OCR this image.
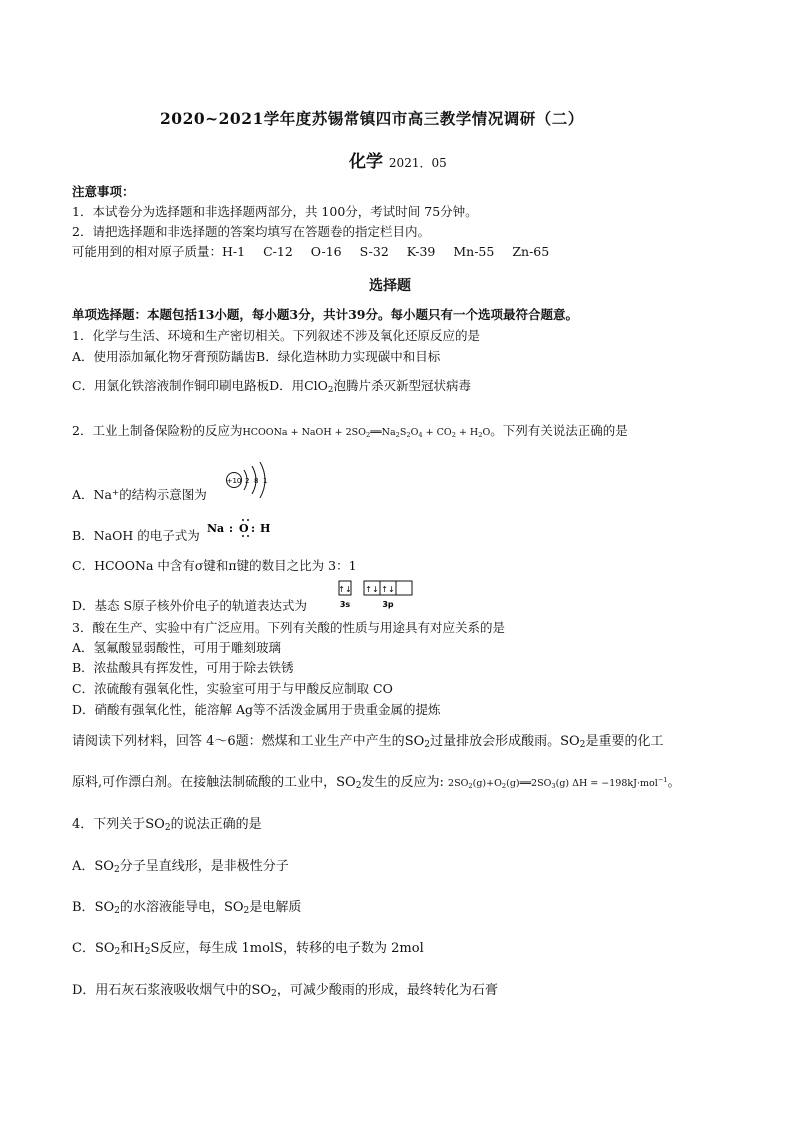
2020~2021学年度苏锡常镇四市高三教学情况调研（二）
化学 2021．05
注意事项：
1．本试卷分为选择题和非选择题两部分，共 100分，考试时间 75分钟。
2．请把选择题和非选择题的答案均填写在答题卷的指定栏目内。
可能用到的相对原子质量：H-1 C-12 O-16 S-32 K-39 Mn-55 Zn-65
选择题
单项选择题：本题包括13小题，每小题3分，共计39分。每小题只有一个选项最符合题意。
1．化学与生活、环境和生产密切相关。下列叙述不涉及氧化还原反应的是
A．使用添加氟化物牙膏预防龋齿B．绿化造林助力实现碳中和目标
C．用氯化铁溶液制作铜印刷电路板D．用ClO$_2$泡腾片杀灭新型冠状病毒
2．工业上制备保险粉的反应为HCOONa + NaOH + $2SO_2══Na_2S_2O_4 + CO_2 + H_2O$。下列有关说法正确的是
A．Na+的结构示意图为
+10 2 8 1
B．NaOH 的电子式为 Na : O : H
C．HCOONa 中含有σ键和π键的数目之比为 3：1
D．基态 S原子核外价电子的轨道表达式为
↑↓ ↑↓ ↑↓
3s	3p
3．酸在生产、实验中有广泛应用。下列有关酸的性质与用途具有对应关系的是
A．氢氟酸显弱酸性，可用于雕刻玻璃
B．浓盐酸具有挥发性，可用于除去铁锈
C．浓硫酸有强氧化性，实验室可用于与甲酸反应制取 CO
D．硝酸有强氧化性，能溶解 Ag等不活泼金属用于贵重金属的提炼
请阅读下列材料，回答 4～6题：燃煤和工业生产中产生的$SO_2$过量排放会形成酸雨。$SO_2$是重要的化工
原料,可作漂白剂。在接触法制硫酸的工业中，$SO_2$发生的反应为: $2SO_2(g)+O_2(g)══2SO_3(g) \Delta H = -198kJ\cdot mol^{-1}$。
4．下列关于$SO_2$的说法正确的是
A．$SO_2$分子呈直线形，是非极性分子
B．$SO_2$的水溶液能导电，$SO_2$是电解质
C．$SO_2$和$H_2S$反应，每生成 1molS，转移的电子数为 2mol
D．用石灰石浆液吸收烟气中的$SO_2$，可减少酸雨的形成，最终转化为石膏
